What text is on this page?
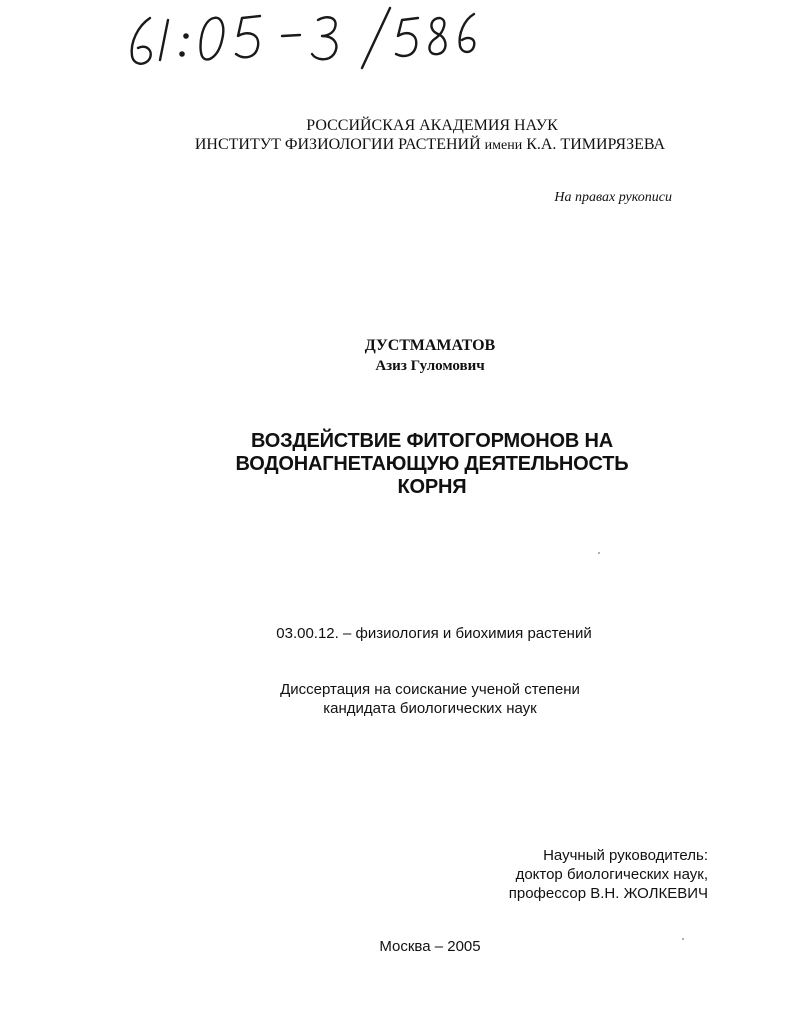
РОССИЙСКАЯ АКАДЕМИЯ НАУК
ИНСТИТУТ ФИЗИОЛОГИИ РАСТЕНИЙ имени К.А. ТИМИРЯЗЕВА
На правах рукописи
ДУСТМАМАТОВ
Азиз Гуломович
ВОЗДЕЙСТВИЕ ФИТОГОРМОНОВ НА
ВОДОНАГНЕТАЮЩУЮ ДЕЯТЕЛЬНОСТЬ
КОРНЯ
03.00.12. – физиология и биохимия растений
Диссертация на соискание ученой степени
кандидата биологических наук
Научный руководитель:
доктор биологических наук,
профессор В.Н. ЖОЛКЕВИЧ
Москва – 2005
